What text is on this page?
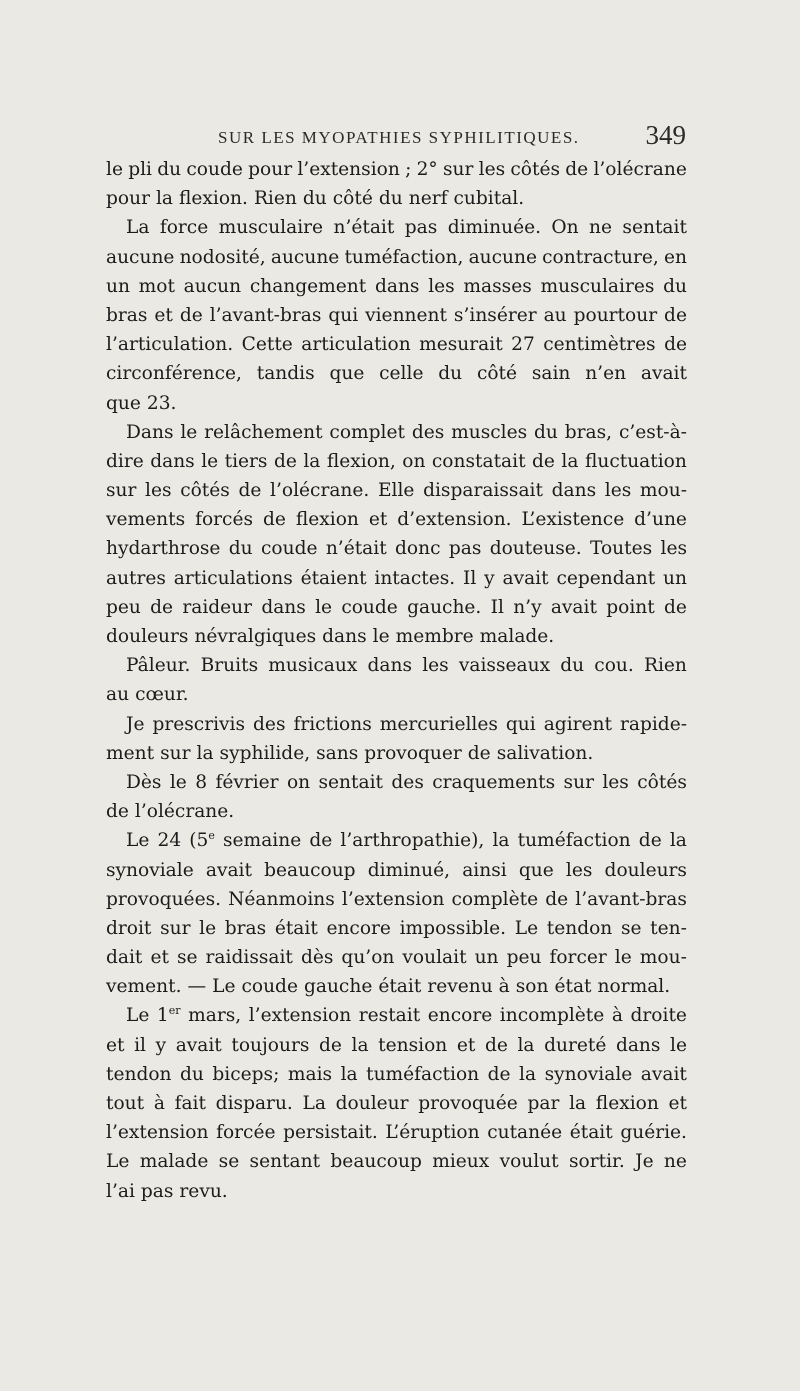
SUR LES MYOPATHIES SYPHILITIQUES. 349
le pli du coude pour l’extension ; 2° sur les côtés de l’olécrane
pour la flexion. Rien du côté du nerf cubital.
La force musculaire n’était pas diminuée. On ne sentait
aucune nodosité, aucune tuméfaction, aucune contracture, en
un mot aucun changement dans les masses musculaires du
bras et de l’avant-bras qui viennent s’insérer au pourtour de
l’articulation. Cette articulation mesurait 27 centimètres de
circonférence, tandis que celle du côté sain n’en avait
que 23.
Dans le relâchement complet des muscles du bras, c’est-à-
dire dans le tiers de la flexion, on constatait de la fluctuation
sur les côtés de l’olécrane. Elle disparaissait dans les mou-
vements forcés de flexion et d’extension. L’existence d’une
hydarthrose du coude n’était donc pas douteuse. Toutes les
autres articulations étaient intactes. Il y avait cependant un
peu de raideur dans le coude gauche. Il n’y avait point de
douleurs névralgiques dans le membre malade.
Pâleur. Bruits musicaux dans les vaisseaux du cou. Rien
au cœur.
Je prescrivis des frictions mercurielles qui agirent rapide-
ment sur la syphilide, sans provoquer de salivation.
Dès le 8 février on sentait des craquements sur les côtés
de l’olécrane.
Le 24 (5e semaine de l’arthropathie), la tuméfaction de la
synoviale avait beaucoup diminué, ainsi que les douleurs
provoquées. Néanmoins l’extension complète de l’avant-bras
droit sur le bras était encore impossible. Le tendon se ten-
dait et se raidissait dès qu’on voulait un peu forcer le mou-
vement. — Le coude gauche était revenu à son état normal.
Le 1er mars, l’extension restait encore incomplète à droite
et il y avait toujours de la tension et de la dureté dans le
tendon du biceps; mais la tuméfaction de la synoviale avait
tout à fait disparu. La douleur provoquée par la flexion et
l’extension forcée persistait. L’éruption cutanée était guérie.
Le malade se sentant beaucoup mieux voulut sortir. Je ne
l’ai pas revu.
